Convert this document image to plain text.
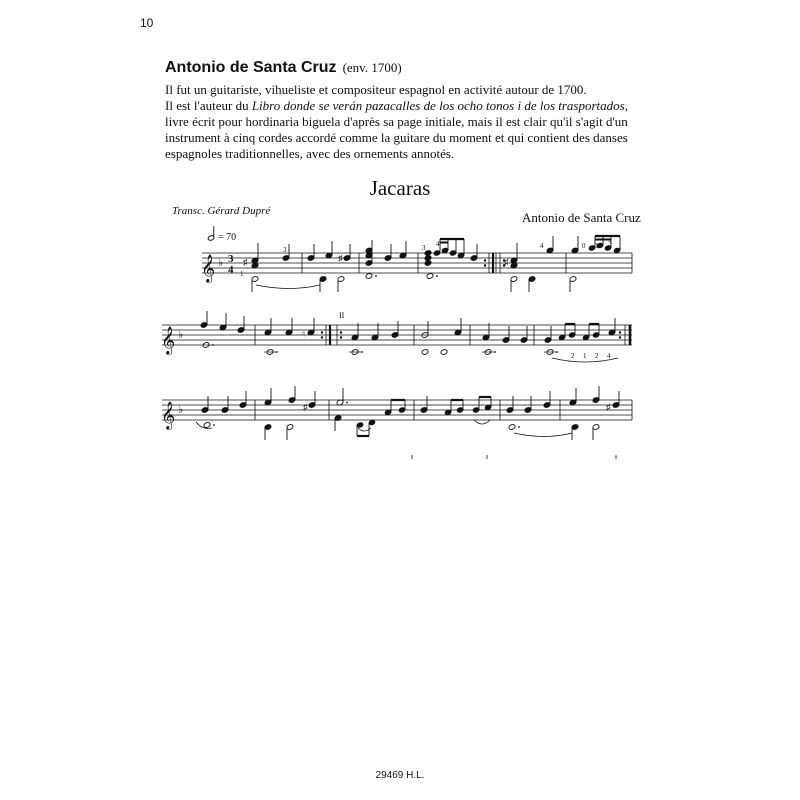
10
Antonio de Santa Cruz (env. 1700)

Il fut un guitariste, vihueliste et compositeur espagnol en activité autour de 1700.

Il est l'auteur du Libro donde se verán pazacalles de los ocho tonos i de los trasportados, livre écrit pour hordinaria biguela d'après sa page initiale, mais il est clair qu'il s'agit d'un instrument à cinq cordes accordé comme la guitare du moment et qui contient des danses espagnoles traditionnelles, avec des ornements annotés.

Jacaras
Transc. Gérard Dupré	Antonio de Santa Cruz
𝄞 ♭ 3
4
= 70
♯	♯	♯
1
3	3 4	4	0 1 3
𝄞 ♭
II
♮
2 1 2 4
𝄞 ♭	♯	♯
29469 H.L.
